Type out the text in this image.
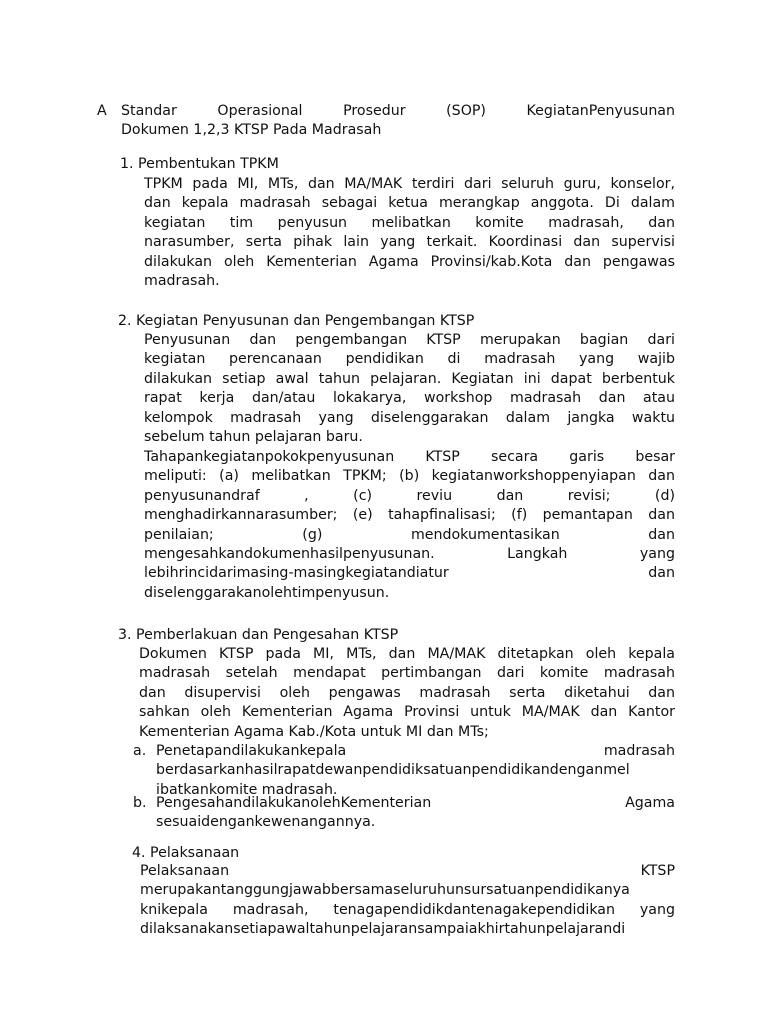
A Standar Operasional Prosedur (SOP) KegiatanPenyusunan
Dokumen 1,2,3 KTSP Pada Madrasah
1. Pembentukan TPKM
TPKM pada MI, MTs, dan MA/MAK terdiri dari seluruh guru, konselor,
dan kepala madrasah sebagai ketua merangkap anggota. Di dalam
kegiatan tim penyusun melibatkan komite madrasah, dan
narasumber, serta pihak lain yang terkait. Koordinasi dan supervisi
dilakukan oleh Kementerian Agama Provinsi/kab.Kota dan pengawas
madrasah.
2. Kegiatan Penyusunan dan Pengembangan KTSP
Penyusunan dan pengembangan KTSP merupakan bagian dari
kegiatan perencanaan pendidikan di madrasah yang wajib
dilakukan setiap awal tahun pelajaran. Kegiatan ini dapat berbentuk
rapat kerja dan/atau lokakarya, workshop madrasah dan atau
kelompok madrasah yang diselenggarakan dalam jangka waktu
sebelum tahun pelajaran baru.
Tahapankegiatanpokokpenyusunan KTSP secara garis besar
meliputi: (a) melibatkan TPKM; (b) kegiatanworkshoppenyiapan dan
penyusunandraf , (c) reviu dan revisi; (d)
menghadirkannarasumber; (e) tahapfinalisasi; (f) pemantapan dan
penilaian; (g) mendokumentasikan dan
mengesahkandokumenhasilpenyusunan. Langkah yang
lebihrincidarimasing-masingkegiatandiatur dan
diselenggarakanolehtimpenyusun.
3. Pemberlakuan dan Pengesahan KTSP
Dokumen KTSP pada MI, MTs, dan MA/MAK ditetapkan oleh kepala
madrasah setelah mendapat pertimbangan dari komite madrasah
dan disupervisi oleh pengawas madrasah serta diketahui dan
sahkan oleh Kementerian Agama Provinsi untuk MA/MAK dan Kantor
Kementerian Agama Kab./Kota untuk MI dan MTs;
a. Penetapandilakukankepala madrasah
berdasarkanhasilrapatdewanpendidiksatuanpendidikandenganmel
ibatkankomite madrasah.
b. PengesahandilakukanolehKementerian Agama
sesuaidengankewenangannya.
4. Pelaksanaan
Pelaksanaan KTSP
merupakantanggungjawabbersamaseluruhunsursatuanpendidikanya
knikepala madrasah, tenagapendidikdantenagakependidikan yang
dilaksanakansetiapawaltahunpelajaransampaiakhirtahunpelajarandi
